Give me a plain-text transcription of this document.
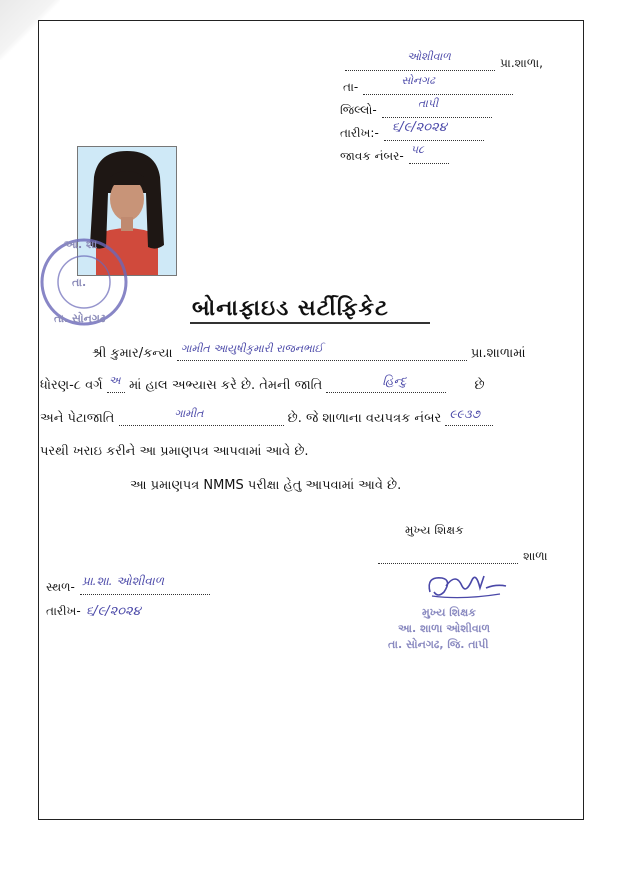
ઓશીવાળ	પ્રા.શાળા,
તા-	સોનગઢ
જિલ્લો-	તાપી
તારીખ:- ૬/૯/૨૦૨૪
જાવક નંબર- ૫૮
આ. શા
તા.
તા. સોનગઢ	બોનાફાઇડ સર્ટીફિકેટ
શ્રી કુમાર/કન્યા ગામીત આયુષીકુમારી રાજનભાઈ	પ્રા.શાળામાં
ધોરણ-૮ વર્ગ અ માં હાલ અભ્યાસ કરે છે. તેમની જાતિ	હિન્દુ	છે
અને પેટાજાતિ	ગામીત	છે. જે શાળાના વયપત્રક નંબર ૯૯૩૭
પરથી ખરાઇ કરીને આ પ્રમાણપત્ર આપવામાં આવે છે.
આ પ્રમાણપત્ર NMMS પરીક્ષા હેતુ આપવામાં આવે છે.
મુખ્ય શિક્ષક
શાળા
મુખ્ય શિક્ષક
આ. શાળા ઓશીવાળ
તા. સોનગઢ, જિ. તાપી
સ્થળ- પ્રા.શા. ઓશીવાળ
તારીખ- ૬/૯/૨૦૨૪
